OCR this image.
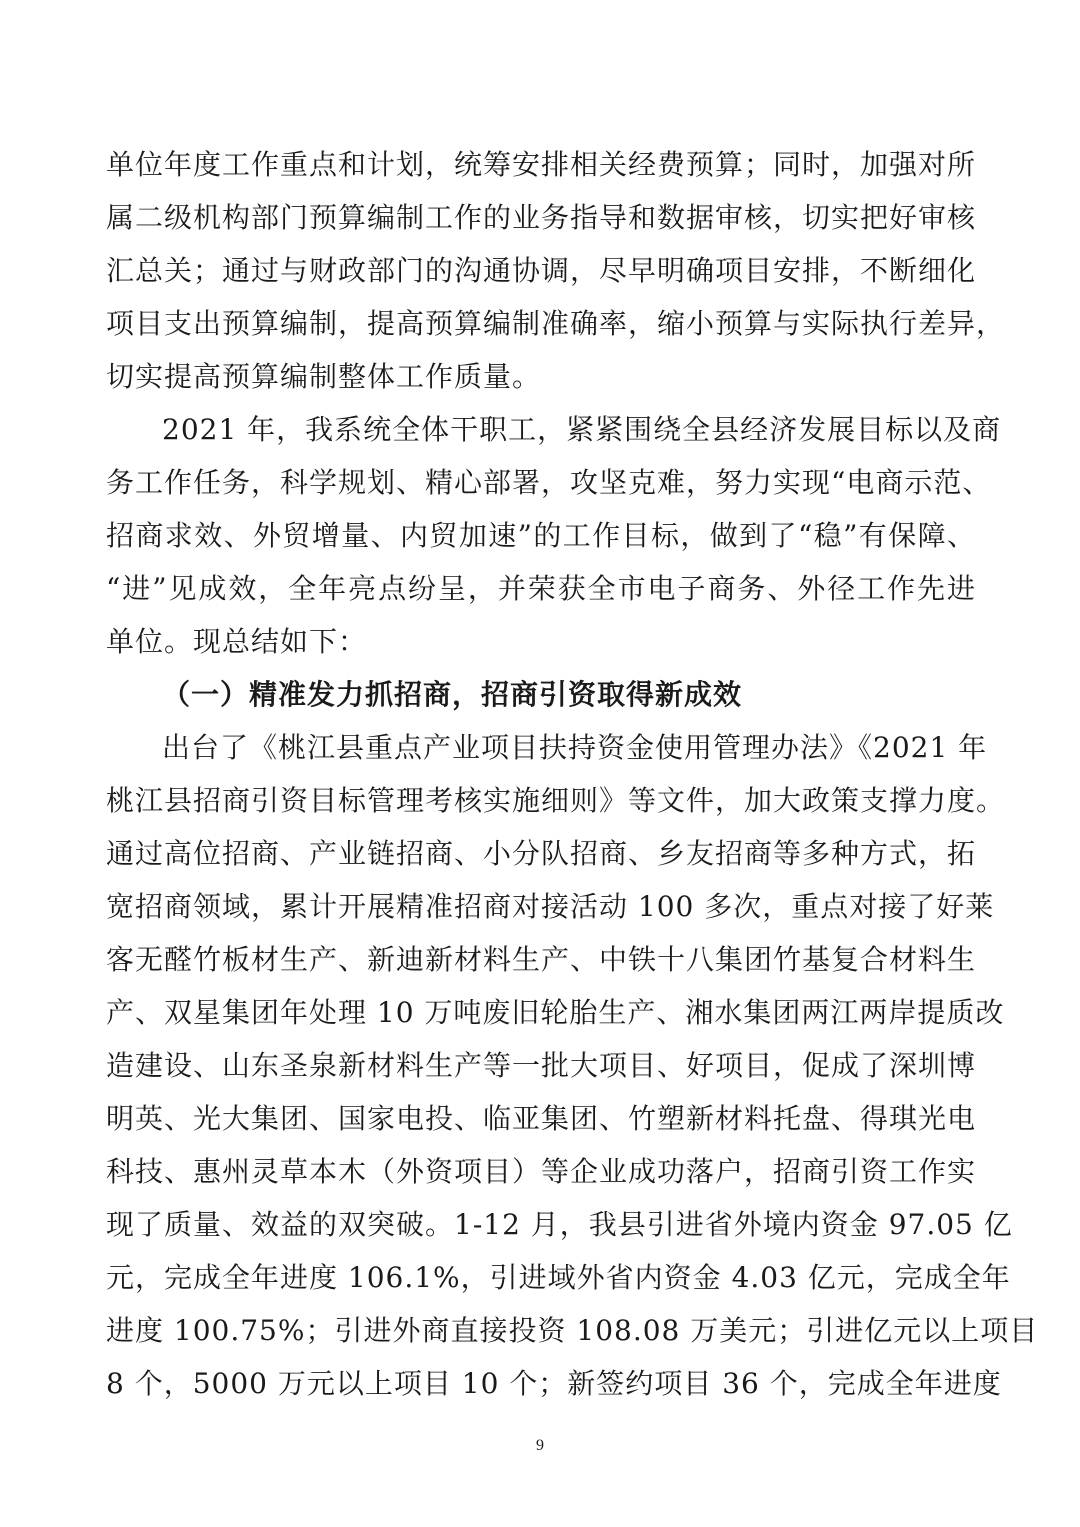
单位年度工作重点和计划，统筹安排相关经费预算；同时，加强对所
属二级机构部门预算编制工作的业务指导和数据审核，切实把好审核
汇总关；通过与财政部门的沟通协调，尽早明确项目安排，不断细化
项目支出预算编制，提高预算编制准确率，缩小预算与实际执行差异，
切实提高预算编制整体工作质量。
2021 年，我系统全体干职工，紧紧围绕全县经济发展目标以及商
务工作任务，科学规划、精心部署，攻坚克难，努力实现“电商示范、
招商求效、外贸增量、内贸加速”的工作目标，做到了“稳”有保障、
“进”见成效，全年亮点纷呈，并荣获全市电子商务、外径工作先进
单位。现总结如下：
（一）精准发力抓招商，招商引资取得新成效
出台了《桃江县重点产业项目扶持资金使用管理办法》《2021 年
桃江县招商引资目标管理考核实施细则》等文件，加大政策支撑力度。
通过高位招商、产业链招商、小分队招商、乡友招商等多种方式，拓
宽招商领域，累计开展精准招商对接活动 100 多次，重点对接了好莱
客无醛竹板材生产、新迪新材料生产、中铁十八集团竹基复合材料生
产、双星集团年处理 10 万吨废旧轮胎生产、湘水集团两江两岸提质改
造建设、山东圣泉新材料生产等一批大项目、好项目，促成了深圳博
明英、光大集团、国家电投、临亚集团、竹塑新材料托盘、得琪光电
科技、惠州灵草本木（外资项目）等企业成功落户，招商引资工作实
现了质量、效益的双突破。1-12 月，我县引进省外境内资金 97.05 亿
元，完成全年进度 106.1%，引进域外省内资金 4.03 亿元，完成全年
进度 100.75%；引进外商直接投资 108.08 万美元；引进亿元以上项目
8 个，5000 万元以上项目 10 个；新签约项目 36 个，完成全年进度
9
